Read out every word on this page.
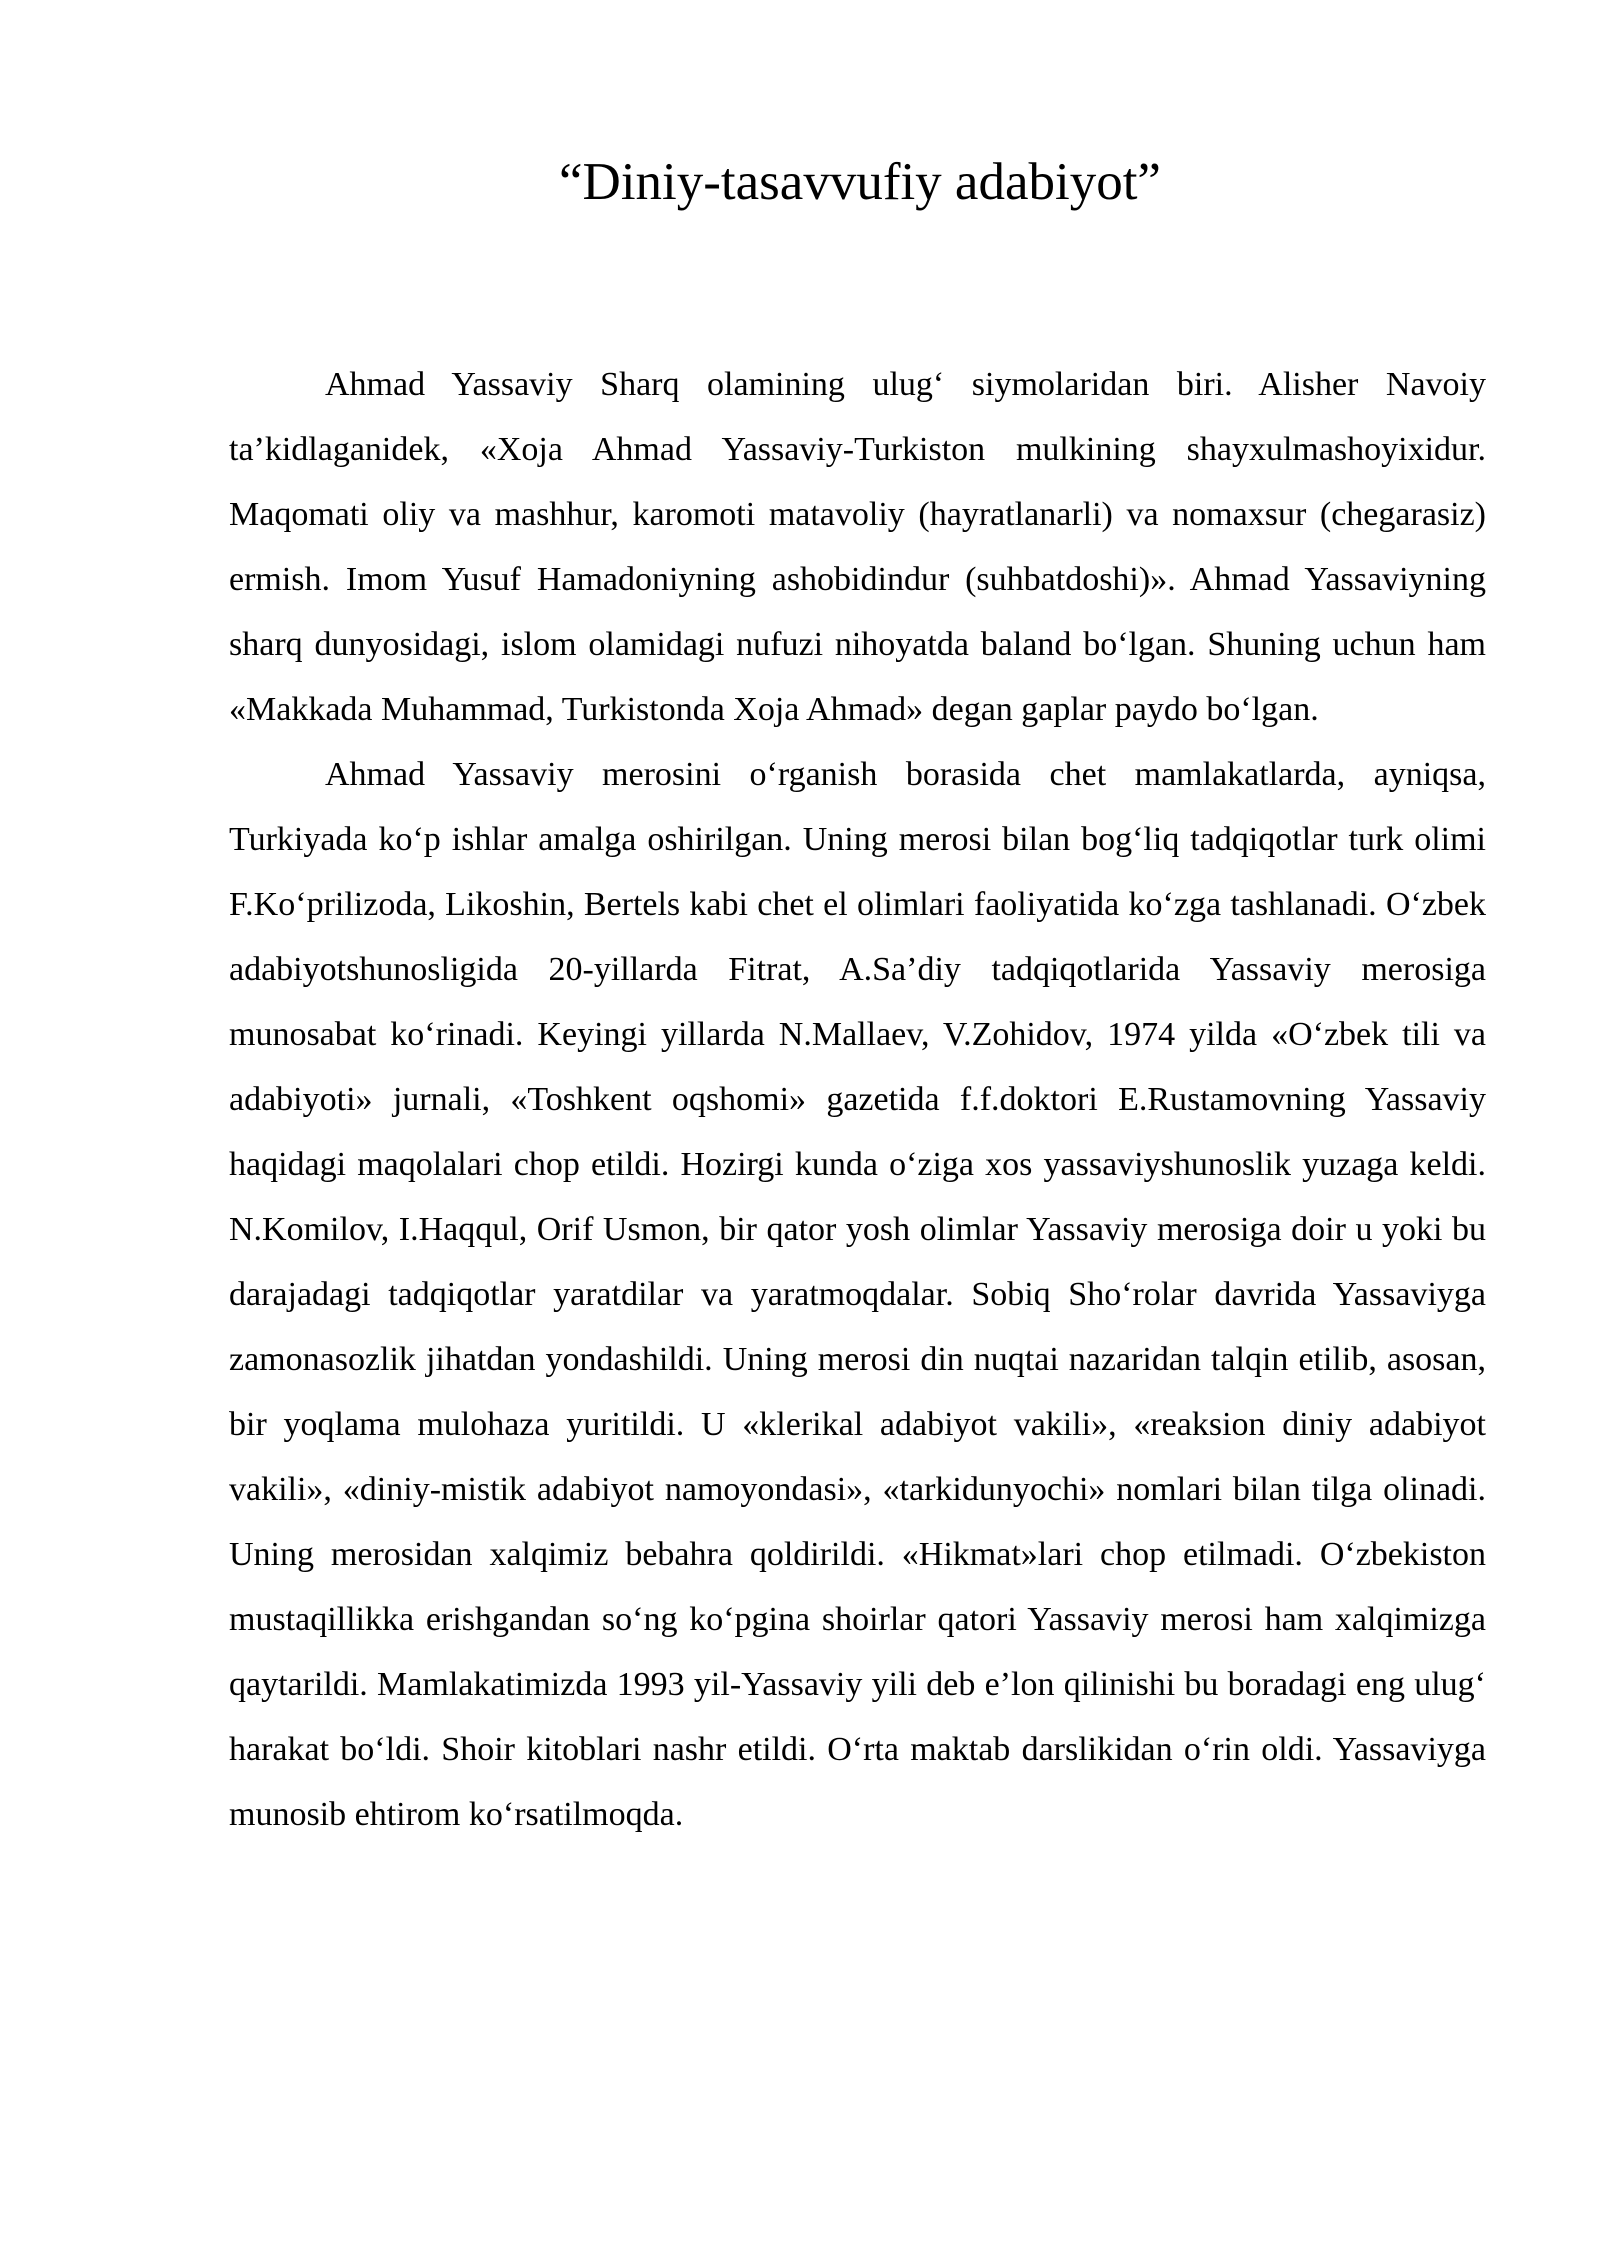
“Diniy-tasavvufiy adabiyot”

Ahmad Yassaviy Sharq olamining ulug‘ siymolaridan biri. Alisher Navoiy ta’kidlaganidek, «Xoja Ahmad Yassaviy-Turkiston mulkining shayxulmashoyixidur. Maqomati oliy va mashhur, karomoti matavoliy (hayratlanarli) va nomaxsur (chegarasiz) ermish. Imom Yusuf Hamadoniyning ashobidindur (suhbatdoshi)». Ahmad Yassaviyning sharq dunyosidagi, islom olamidagi nufuzi nihoyatda baland bo‘lgan. Shuning uchun ham «Makkada Muhammad, Turkistonda Xoja Ahmad» degan gaplar paydo bo‘lgan.

Ahmad Yassaviy merosini o‘rganish borasida chet mamlakatlarda, ayniqsa, Turkiyada ko‘p ishlar amalga oshirilgan. Uning merosi bilan bog‘liq tadqiqotlar turk olimi F.Ko‘prilizoda, Likoshin, Bertels kabi chet el olimlari faoliyatida ko‘zga tashlanadi. O‘zbek adabiyotshunosligida 20-yillarda Fitrat, A.Sa’diy tadqiqotlarida Yassaviy merosiga munosabat ko‘rinadi. Keyingi yillarda N.Mallaev, V.Zohidov, 1974 yilda «O‘zbek tili va adabiyoti» jurnali, «Toshkent oqshomi» gazetida f.f.doktori E.Rustamovning Yassaviy haqidagi maqolalari chop etildi. Hozirgi kunda o‘ziga xos yassaviyshunoslik yuzaga keldi. N.Komilov, I.Haqqul, Orif Usmon, bir qator yosh olimlar Yassaviy merosiga doir u yoki bu darajadagi tadqiqotlar yaratdilar va yaratmoqdalar. Sobiq Sho‘rolar davrida Yassaviyga zamonasozlik jihatdan yondashildi. Uning merosi din nuqtai nazaridan talqin etilib, asosan, bir yoqlama mulohaza yuritildi. U «klerikal adabiyot vakili», «reaksion diniy adabiyot vakili», «diniy-mistik adabiyot namoyondasi», «tarkidunyochi» nomlari bilan tilga olinadi. Uning merosidan xalqimiz bebahra qoldirildi. «Hikmat»lari chop etilmadi. O‘zbekiston mustaqillikka erishgandan so‘ng ko‘pgina shoirlar qatori Yassaviy merosi ham xalqimizga qaytarildi. Mamlakatimizda 1993 yil-Yassaviy yili deb e’lon qilinishi bu boradagi eng ulug‘ harakat bo‘ldi. Shoir kitoblari nashr etildi. O‘rta maktab darslikidan o‘rin oldi. Yassaviyga munosib ehtirom ko‘rsatilmoqda.
